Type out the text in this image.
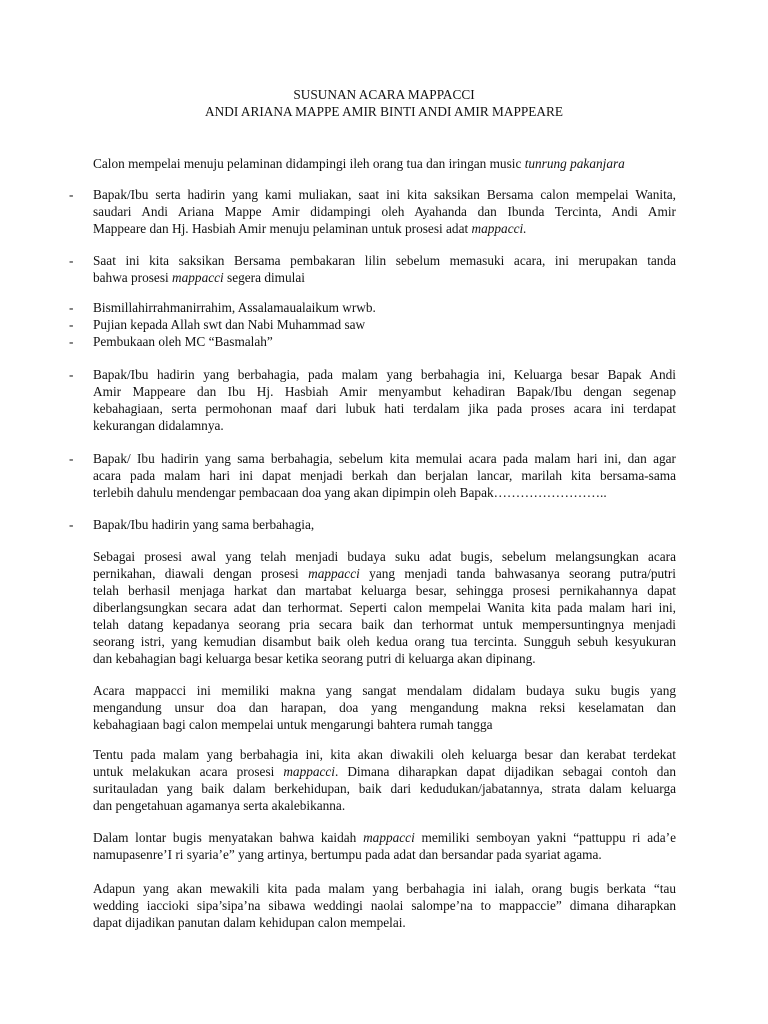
SUSUNAN ACARA MAPPACCI
ANDI ARIANA MAPPE AMIR BINTI ANDI AMIR MAPPEARE
Calon mempelai menuju pelaminan didampingi ileh orang tua dan iringan music tunrung pakanjara
-	Bapak/Ibu serta hadirin yang kami muliakan, saat ini kita saksikan Bersama calon mempelai Wanita,
saudari Andi Ariana Mappe Amir didampingi oleh Ayahanda dan Ibunda Tercinta, Andi Amir
Mappeare dan Hj. Hasbiah Amir menuju pelaminan untuk prosesi adat mappacci.
-	Saat ini kita saksikan Bersama pembakaran lilin sebelum memasuki acara, ini merupakan tanda
bahwa prosesi mappacci segera dimulai
-	Bismillahirrahmanirrahim, Assalamaualaikum wrwb.
-	Pujian kepada Allah swt dan Nabi Muhammad saw
-	Pembukaan oleh MC “Basmalah”
-	Bapak/Ibu hadirin yang berbahagia, pada malam yang berbahagia ini, Keluarga besar Bapak Andi
Amir Mappeare dan Ibu Hj. Hasbiah Amir menyambut kehadiran Bapak/Ibu dengan segenap
kebahagiaan, serta permohonan maaf dari lubuk hati terdalam jika pada proses acara ini terdapat
kekurangan didalamnya.
-	Bapak/ Ibu hadirin yang sama berbahagia, sebelum kita memulai acara pada malam hari ini, dan agar
acara pada malam hari ini dapat menjadi berkah dan berjalan lancar, marilah kita bersama-sama
terlebih dahulu mendengar pembacaan doa yang akan dipimpin oleh Bapak……………………..
-	Bapak/Ibu hadirin yang sama berbahagia,
Sebagai prosesi awal yang telah menjadi budaya suku adat bugis, sebelum melangsungkan acara
pernikahan, diawali dengan prosesi mappacci yang menjadi tanda bahwasanya seorang putra/putri
telah berhasil menjaga harkat dan martabat keluarga besar, sehingga prosesi pernikahannya dapat
diberlangsungkan secara adat dan terhormat. Seperti calon mempelai Wanita kita pada malam hari ini,
telah datang kepadanya seorang pria secara baik dan terhormat untuk mempersuntingnya menjadi
seorang istri, yang kemudian disambut baik oleh kedua orang tua tercinta. Sungguh sebuh kesyukuran
dan kebahagian bagi keluarga besar ketika seorang putri di keluarga akan dipinang.
Acara mappacci ini memiliki makna yang sangat mendalam didalam budaya suku bugis yang
mengandung unsur doa dan harapan, doa yang mengandung makna reksi keselamatan dan
kebahagiaan bagi calon mempelai untuk mengarungi bahtera rumah tangga
Tentu pada malam yang berbahagia ini, kita akan diwakili oleh keluarga besar dan kerabat terdekat
untuk melakukan acara prosesi mappacci. Dimana diharapkan dapat dijadikan sebagai contoh dan
suritauladan yang baik dalam berkehidupan, baik dari kedudukan/jabatannya, strata dalam keluarga
dan pengetahuan agamanya serta akalebikanna.
Dalam lontar bugis menyatakan bahwa kaidah mappacci memiliki semboyan yakni “pattuppu ri ada’e
namupasenre’I ri syaria’e” yang artinya, bertumpu pada adat dan bersandar pada syariat agama.
Adapun yang akan mewakili kita pada malam yang berbahagia ini ialah, orang bugis berkata “tau
wedding iaccioki sipa’sipa’na sibawa weddingi naolai salompe’na to mappaccie” dimana diharapkan
dapat dijadikan panutan dalam kehidupan calon mempelai.
